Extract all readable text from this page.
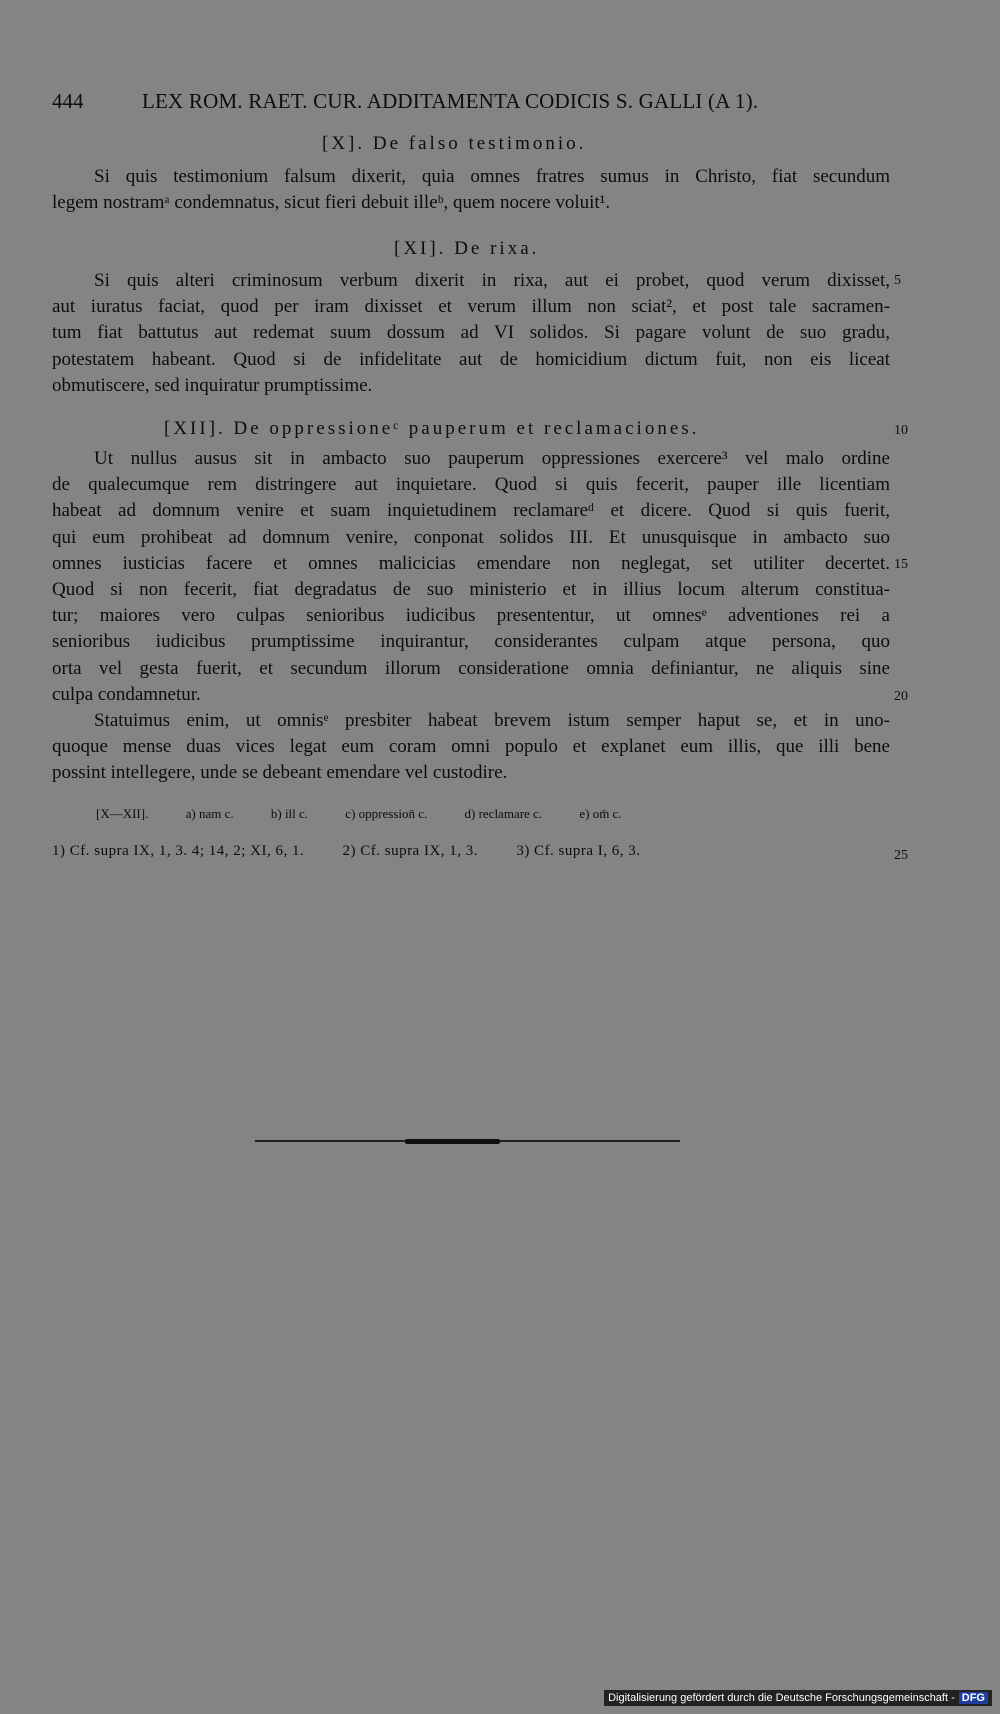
444	LEX ROM. RAET. CUR. ADDITAMENTA CODICIS S. GALLI (A 1).
[X]. De falso testimonio.
Si quis testimonium falsum dixerit, quia omnes fratres sumus in Christo, fiat secundum
legem nostramᵃ condemnatus, sicut fieri debuit illeᵇ, quem nocere voluit¹.
[XI]. De rixa.
Si quis alteri criminosum verbum dixerit in rixa, aut ei probet, quod verum dixisset,
aut iuratus faciat, quod per iram dixisset et verum illum non sciat², et post tale sacramen-
tum fiat battutus aut redemat suum dossum ad VI solidos. Si pagare volunt de suo gradu,
potestatem habeant. Quod si de infidelitate aut de homicidium dictum fuit, non eis liceat
obmutiscere, sed inquiratur prumptissime.
5
[XII]. De oppressioneᶜ pauperum et reclamaciones.	10
Ut nullus ausus sit in ambacto suo pauperum oppressiones exercere³ vel malo ordine
de qualecumque rem distringere aut inquietare. Quod si quis fecerit, pauper ille licentiam
habeat ad domnum venire et suam inquietudinem reclamareᵈ et dicere. Quod si quis fuerit,
qui eum prohibeat ad domnum venire, conponat solidos III. Et unusquisque in ambacto suo
omnes iusticias facere et omnes malicicias emendare non neglegat, set utiliter decertet.
Quod si non fecerit, fiat degradatus de suo ministerio et in illius locum alterum constitua-
tur; maiores vero culpas senioribus iudicibus presententur, ut omnesᵉ adventiones rei a
senioribus iudicibus prumptissime inquirantur, considerantes culpam atque persona, quo
orta vel gesta fuerit, et secundum illorum consideratione omnia definiantur, ne aliquis sine
culpa condamnetur.
Statuimus enim, ut omnisᵉ presbiter habeat brevem istum semper haput se, et in uno-
quoque mense duas vices legat eum coram omni populo et explanet eum illis, que illi bene
possint intellegere, unde se debeant emendare vel custodire.
15
20
[X—XII].	a) nam c.	b) ill c.	c) oppression̄ c.	d) reclamare c.	e) om̄ c.
1) Cf. supra IX, 1, 3. 4; 14, 2; XI, 6, 1.	2) Cf. supra IX, 1, 3.	3) Cf. supra I, 6, 3.	25
Digitalisierung gefördert durch die Deutsche Forschungsgemeinschaft - DFG
